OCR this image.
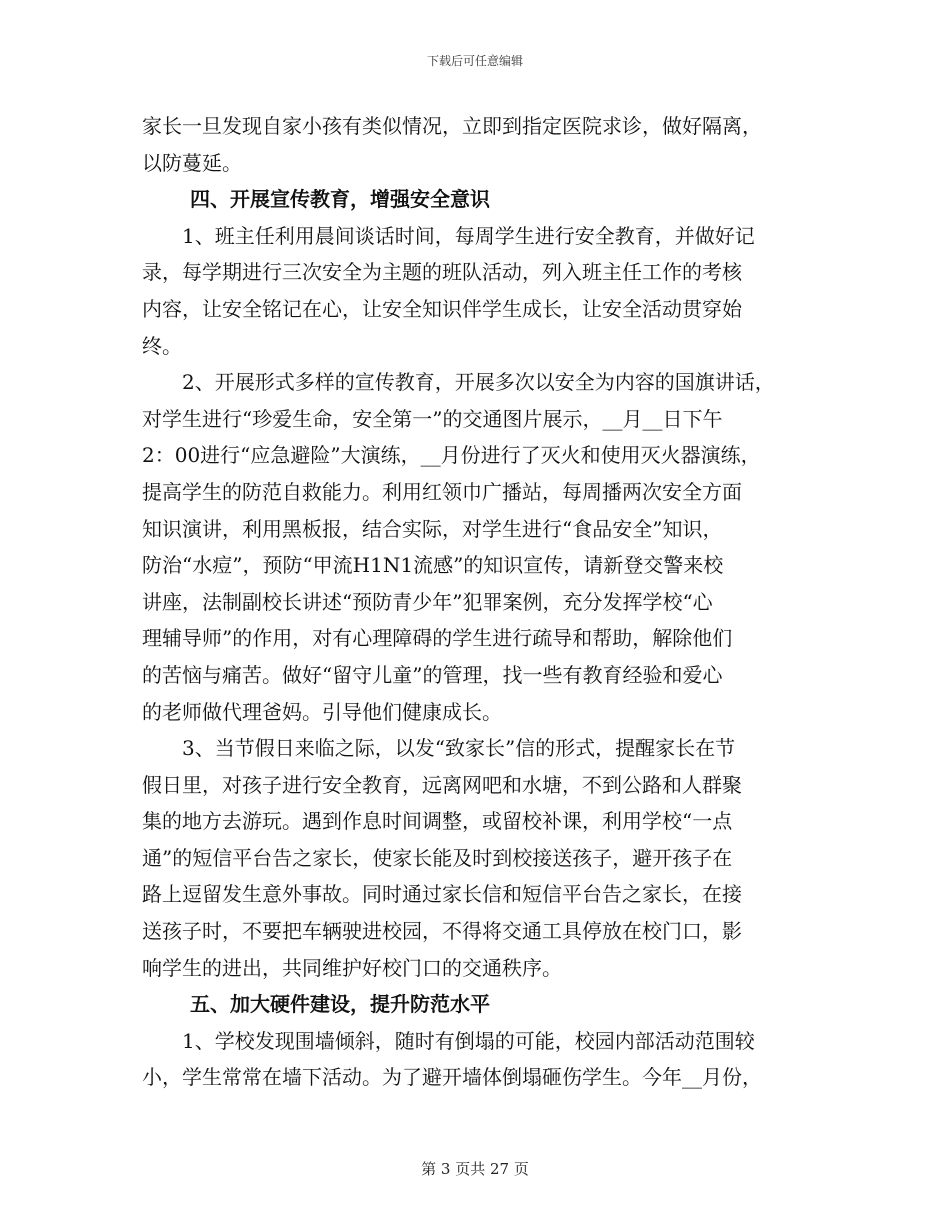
下载后可任意编辑
家长一旦发现自家小孩有类似情况，立即到指定医院求诊，做好隔离，
以防蔓延。
四、开展宣传教育，增强安全意识
1、班主任利用晨间谈话时间，每周学生进行安全教育，并做好记
录，每学期进行三次安全为主题的班队活动，列入班主任工作的考核
内容，让安全铭记在心，让安全知识伴学生成长，让安全活动贯穿始
终。
2、开展形式多样的宣传教育，开展多次以安全为内容的国旗讲话，
对学生进行“珍爱生命，安全第一”的交通图片展示，__月__日下午
2：00进行“应急避险”大演练，__月份进行了灭火和使用灭火器演练，
提高学生的防范自救能力。利用红领巾广播站，每周播两次安全方面
知识演讲，利用黑板报，结合实际，对学生进行“食品安全”知识，
防治“水痘”，预防“甲流H1N1流感”的知识宣传，请新登交警来校
讲座，法制副校长讲述“预防青少年”犯罪案例，充分发挥学校“心
理辅导师”的作用，对有心理障碍的学生进行疏导和帮助，解除他们
的苦恼与痛苦。做好“留守儿童”的管理，找一些有教育经验和爱心
的老师做代理爸妈。引导他们健康成长。
3、当节假日来临之际，以发“致家长”信的形式，提醒家长在节
假日里，对孩子进行安全教育，远离网吧和水塘，不到公路和人群聚
集的地方去游玩。遇到作息时间调整，或留校补课，利用学校“一点
通”的短信平台告之家长，使家长能及时到校接送孩子，避开孩子在
路上逗留发生意外事故。同时通过家长信和短信平台告之家长，在接
送孩子时，不要把车辆驶进校园，不得将交通工具停放在校门口，影
响学生的进出，共同维护好校门口的交通秩序。
五、加大硬件建设，提升防范水平
1、学校发现围墙倾斜，随时有倒塌的可能，校园内部活动范围较
小，学生常常在墙下活动。为了避开墙体倒塌砸伤学生。今年__月份，
第 3 页共 27 页
